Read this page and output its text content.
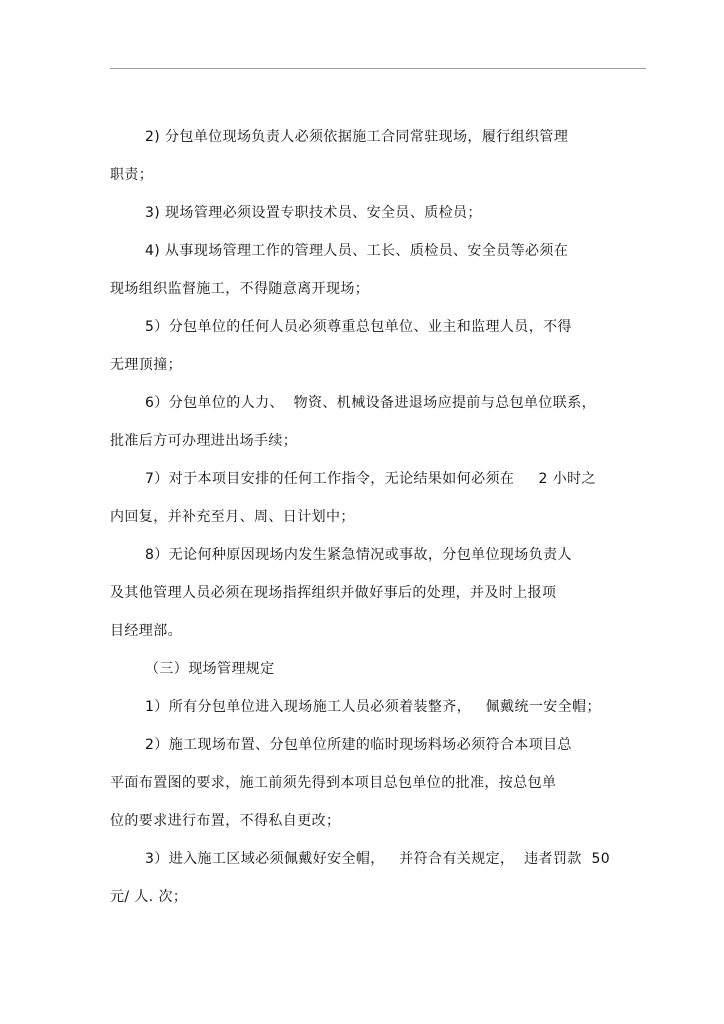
2) 分包单位现场负责人必须依据施工合同常驻现场，履行组织管理
职责；
3) 现场管理必须设置专职技术员、安全员、质检员；
4) 从事现场管理工作的管理人员、工长、质检员、安全员等必须在
现场组织监督施工，不得随意离开现场；
5）分包单位的任何人员必须尊重总包单位、业主和监理人员，不得
无理顶撞；
6）分包单位的人力、  物资、机械设备进退场应提前与总包单位联系，
批准后方可办理进出场手续；
7）对于本项目安排的任何工作指令，无论结果如何必须在     2 小时之
内回复，并补充至月、周、日计划中；
8）无论何种原因现场内发生紧急情况或事故，分包单位现场负责人
及其他管理人员必须在现场指挥组织并做好事后的处理，并及时上报项
目经理部。
（三）现场管理规定
1）所有分包单位进入现场施工人员必须着装整齐，   佩戴统一安全帽；
2）施工现场布置、分包单位所建的临时现场料场必须符合本项目总
平面布置图的要求，施工前须先得到本项目总包单位的批准，按总包单
位的要求进行布置，不得私自更改；
3）进入施工区域必须佩戴好安全帽，   并符合有关规定，  违者罚款  50
元/ 人. 次；
